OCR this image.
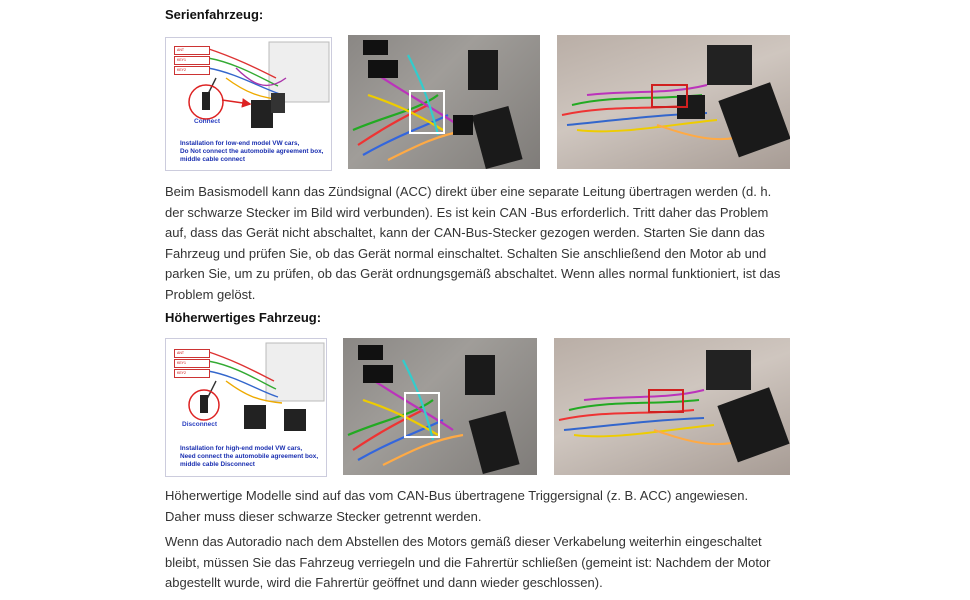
Serienfahrzeug:
ANT
KEY1
KEY2
Connect
Installation for low-end model VW cars,
Do Not connect the automobile agreement box,
middle cable connect

Beim Basismodell kann das Zündsignal (ACC) direkt über eine separate Leitung übertragen werden (d. h. der schwarze Stecker im Bild wird verbunden). Es ist kein CAN -Bus erforderlich. Tritt daher das Problem auf, dass das Gerät nicht abschaltet, kann der CAN-Bus-Stecker gezogen werden. Starten Sie dann das Fahrzeug und prüfen Sie, ob das Gerät normal einschaltet. Schalten Sie anschließend den Motor ab und parken Sie, um zu prüfen, ob das Gerät ordnungsgemäß abschaltet. Wenn alles normal funktioniert, ist das Problem gelöst.

Höherwertiges Fahrzeug:
ANT
KEY1
KEY2
Disconnect
Installation for high-end model VW cars,
Need connect the automobile agreement box,
middle cable Disconnect

Höherwertige Modelle sind auf das vom CAN-Bus übertragene Triggersignal (z. B. ACC) angewiesen. Daher muss dieser schwarze Stecker getrennt werden.

Wenn das Autoradio nach dem Abstellen des Motors gemäß dieser Verkabelung weiterhin eingeschaltet bleibt, müssen Sie das Fahrzeug verriegeln und die Fahrertür schließen (gemeint ist: Nachdem der Motor abgestellt wurde, wird die Fahrertür geöffnet und dann wieder geschlossen).
